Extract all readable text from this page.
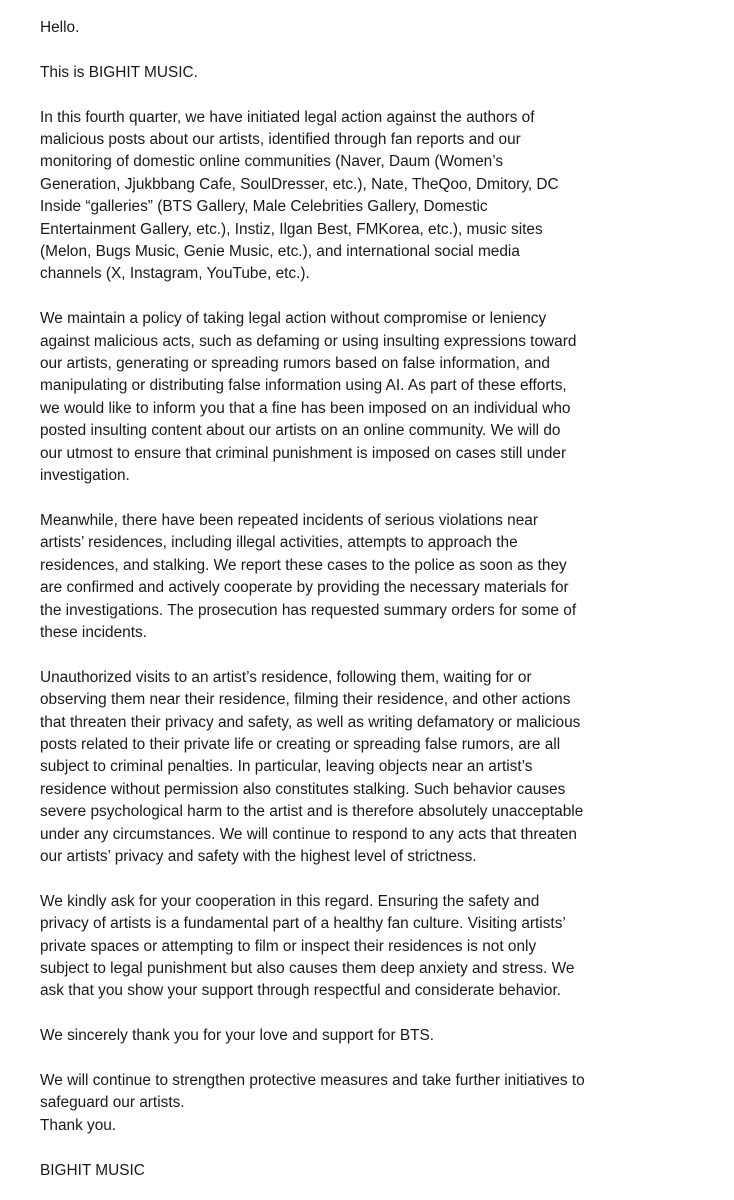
Hello.

This is BIGHIT MUSIC.

In this fourth quarter, we have initiated legal action against the authors of malicious posts about our artists, identified through fan reports and our monitoring of domestic online communities (Naver, Daum (Women’s Generation, Jjukbbang Cafe, SoulDresser, etc.), Nate, TheQoo, Dmitory, DC Inside “galleries” (BTS Gallery, Male Celebrities Gallery, Domestic Entertainment Gallery, etc.), Instiz, Ilgan Best, FMKorea, etc.), music sites (Melon, Bugs Music, Genie Music, etc.), and international social media channels (X, Instagram, YouTube, etc.).

We maintain a policy of taking legal action without compromise or leniency against malicious acts, such as defaming or using insulting expressions toward our artists, generating or spreading rumors based on false information, and manipulating or distributing false information using AI. As part of these efforts, we would like to inform you that a fine has been imposed on an individual who posted insulting content about our artists on an online community. We will do our utmost to ensure that criminal punishment is imposed on cases still under investigation.

Meanwhile, there have been repeated incidents of serious violations near artists’ residences, including illegal activities, attempts to approach the residences, and stalking. We report these cases to the police as soon as they are confirmed and actively cooperate by providing the necessary materials for the investigations. The prosecution has requested summary orders for some of these incidents.

Unauthorized visits to an artist’s residence, following them, waiting for or observing them near their residence, filming their residence, and other actions that threaten their privacy and safety, as well as writing defamatory or malicious posts related to their private life or creating or spreading false rumors, are all subject to criminal penalties. In particular, leaving objects near an artist’s residence without permission also constitutes stalking. Such behavior causes severe psychological harm to the artist and is therefore absolutely unacceptable under any circumstances. We will continue to respond to any acts that threaten our artists’ privacy and safety with the highest level of strictness.

We kindly ask for your cooperation in this regard. Ensuring the safety and privacy of artists is a fundamental part of a healthy fan culture. Visiting artists’ private spaces or attempting to film or inspect their residences is not only subject to legal punishment but also causes them deep anxiety and stress. We ask that you show your support through respectful and considerate behavior.

We sincerely thank you for your love and support for BTS.

We will continue to strengthen protective measures and take further initiatives to safeguard our artists.

Thank you.

BIGHIT MUSIC
